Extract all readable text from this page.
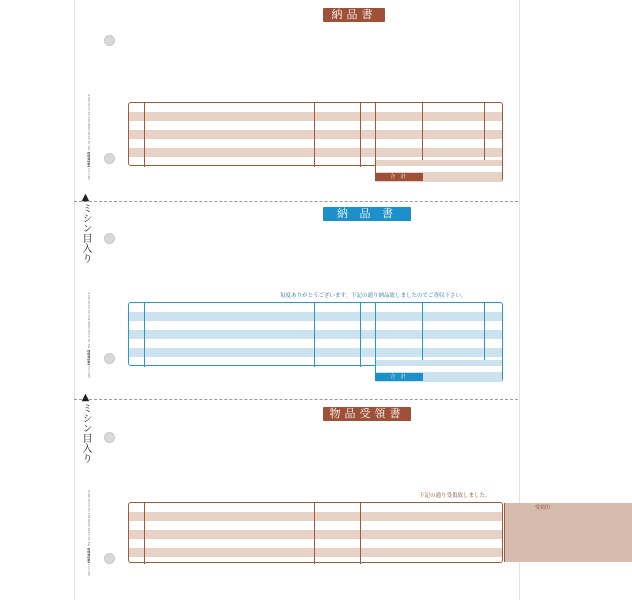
▲ミシン目入り
▲ミシン目入り
GB1153 HISAGO TEL 06-6448-0888 FAX 06-6448-0818
GB1153 HISAGO TEL 06-6448-0888 FAX 06-6448-0818
GB1153 HISAGO TEL 06-6448-0888 FAX 06-6448-0818
納品書(控)
合 計
納 品 書
毎度ありがとうございます。下記の通り納品致しましたのでご査収下さい。
合 計
物品受領書
下記の通り受領致しました。
受領印
